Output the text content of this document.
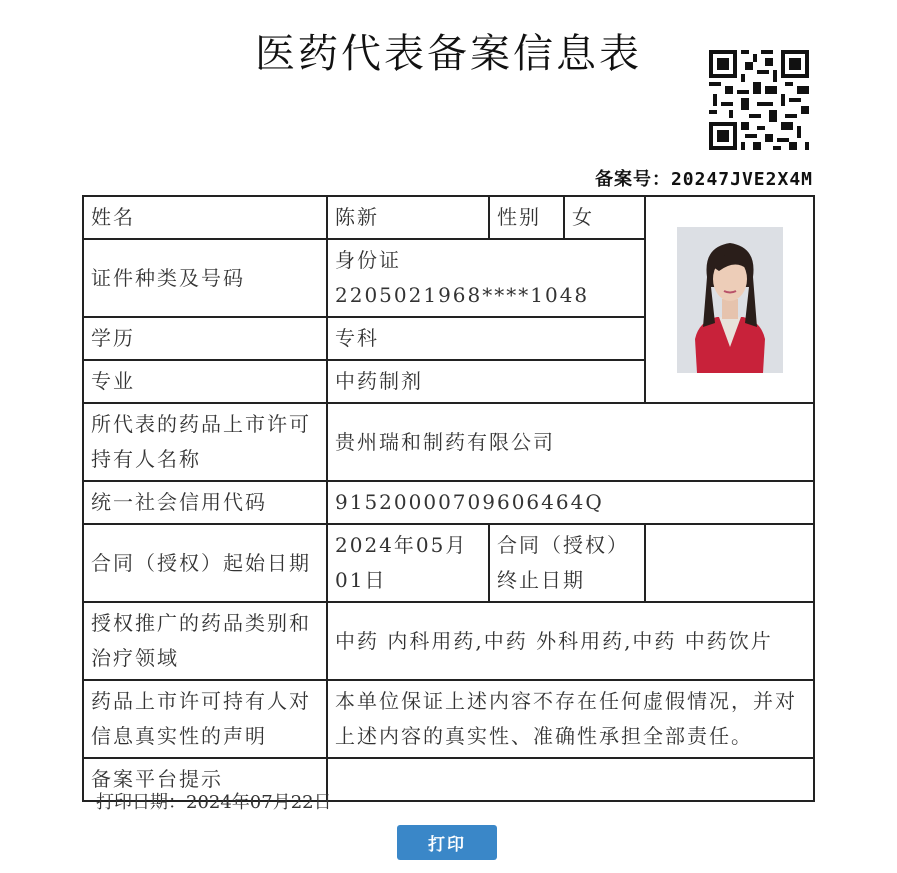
医药代表备案信息表
备案号：20247JVE2X4M
姓名	陈新	性别	女	

证件种类及号码	身份证 2205021968****1048			
学历	专科			
专业	中药制剂			
所代表的药品上市许可持有人名称	贵州瑞和制药有限公司			
统一社会信用代码	91520000709606464Q			
合同（授权）起始日期	2024年05月01日	合同（授权）终止日期		
授权推广的药品类别和治疗领域	中药 内科用药,中药 外科用药,中药 中药饮片			
药品上市许可持有人对信息真实性的声明	本单位保证上述内容不存在任何虚假情况，并对上述内容的真实性、准确性承担全部责任。			
备案平台提示				
打印日期：2024年07月22日
打印
